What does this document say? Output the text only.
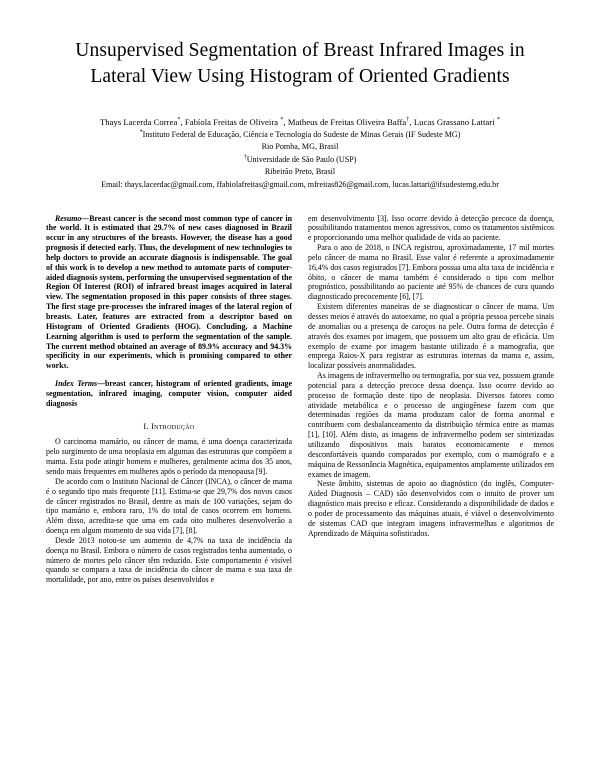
Unsupervised Segmentation of Breast Infrared Images in Lateral View Using Histogram of Oriented Gradients
Thays Lacerda Correa*, Fabíola Freitas de Oliveira *, Matheus de Freitas Oliveira Baffa†, Lucas Grassano Lattari *
*Instituto Federal de Educação, Ciência e Tecnologia do Sudeste de Minas Gerais (IF Sudeste MG)
Rio Pomba, MG, Brasil
†Universidade de São Paulo (USP)
Ribeirão Preto, Brasil
Email: thays.lacerdac@gmail.com, ffabiolafreitas@gmail.com, mfreitas826@gmail.com, lucas.lattari@ifsudestemg.edu.br

Resumo—Breast cancer is the second most common type of cancer in the world. It is estimated that 29.7% of new cases diagnosed in Brazil occur in any structures of the breasts. However, the disease has a good prognosis if detected early. Thus, the development of new technologies to help doctors to provide an accurate diagnosis is indispensable. The goal of this work is to develop a new method to automate parts of computer-aided diagnosis system, performing the unsupervised segmentation of the Region Of Interest (ROI) of infrared breast images acquired in lateral view. The segmentation proposed in this paper consists of three stages. The first stage pre-processes the infrared images of the lateral region of breasts. Later, features are extracted from a descriptor based on Histogram of Oriented Gradients (HOG). Concluding, a Machine Learning algorithm is used to perform the segmentation of the sample. The current method obtained an average of 89.9% accuracy and 94.3% specificity in our experiments, which is promising compared to other works.

Index Terms—breast cancer, histogram of oriented gradients, image segmentation, infrared imaging, computer vision, computer aided diagnosis

I. Introdução

O carcinoma mamário, ou câncer de mama, é uma doença caracterizada pelo surgimento de uma neoplasia em algumas das estruturas que compõem a mama. Esta pode atingir homens e mulheres, geralmente acima dos 35 anos, sendo mais frequentes em mulheres após o período da menopausa [9].

De acordo com o Instituto Nacional de Câncer (INCA), o câncer de mama é o segundo tipo mais frequente [11]. Estima-se que 29,7% dos novos casos de câncer registrados no Brasil, dentre as mais de 100 variações, sejam do tipo mamário e, embora raro, 1% do total de casos ocorrem em homens. Além disso, acredita-se que uma em cada oito mulheres desenvolverão a doença em algum momento de sua vida [7], [8].

Desde 2013 notou-se um aumento de 4,7% na taxa de incidência da doença no Brasil. Embora o número de casos registrados tenha aumentado, o número de mortes pelo câncer têm reduzido. Este comportamento é visível quando se compara a taxa de incidência do câncer de mama e sua taxa de mortalidade, por ano, entre os países desenvolvidos e

em desenvolvimento [3]. Isso ocorre devido à detecção precoce da doença, possibilitando tratamentos menos agressivos, como os tratamentos sistêmicos e proporcionando uma melhor qualidade de vida ao paciente.

Para o ano de 2018, o INCA registrou, aproximadamente, 17 mil mortes pelo câncer de mama no Brasil. Esse valor é referente a aproximadamente 16,4% dos casos registrados [7]. Embora possua uma alta taxa de incidência e óbito, o câncer de mama também é considerado o tipo com melhor prognóstico, possibilitando ao paciente até 95% de chances de cura quando diagnosticado precocemente [6], [7].

Existem diferentes maneiras de se diagnosticar o câncer de mama. Um desses meios é através do autoexame, no qual a própria pessoa percebe sinais de anomalias ou a presença de caroços na pele. Outra forma de detecção é através dos exames por imagem, que possuem um alto grau de eficácia. Um exemplo de exame por imagem bastante utilizado é a mamografia, que emprega Raios-X para registrar as estruturas internas da mama e, assim, localizar possíveis anormalidades.

As imagens de infravermelho ou termografia, por sua vez, possuem grande potencial para a detecção precoce dessa doença. Isso ocorre devido ao processo de formação deste tipo de neoplasia. Diversos fatores como atividade metabólica e o processo de angiogênese fazem com que determinadas regiões da mama produzam calor de forma anormal e contribuem com desbalanceamento da distribuição térmica entre as mamas [1], [10]. Além disto, as imagens de infravermelho podem ser sintetizadas utilizando dispositivos mais baratos economicamente e menos desconfortáveis quando comparados por exemplo, com o mamógrafo e a máquina de Ressonância Magnética, equipamentos amplamente utilizados em exames de imagem.

Neste âmbito, sistemas de apoio ao diagnóstico (do inglês, Computer-Aided Diagnosis – CAD) são desenvolvidos com o intuito de prover um diagnóstico mais preciso e eficaz. Considerando a disponibilidade de dados e o poder de processamento das máquinas atuais, é viável o desenvolvimento de sistemas CAD que integram imagens infravermelhas e algoritmos de Aprendizado de Máquina sofisticados.
